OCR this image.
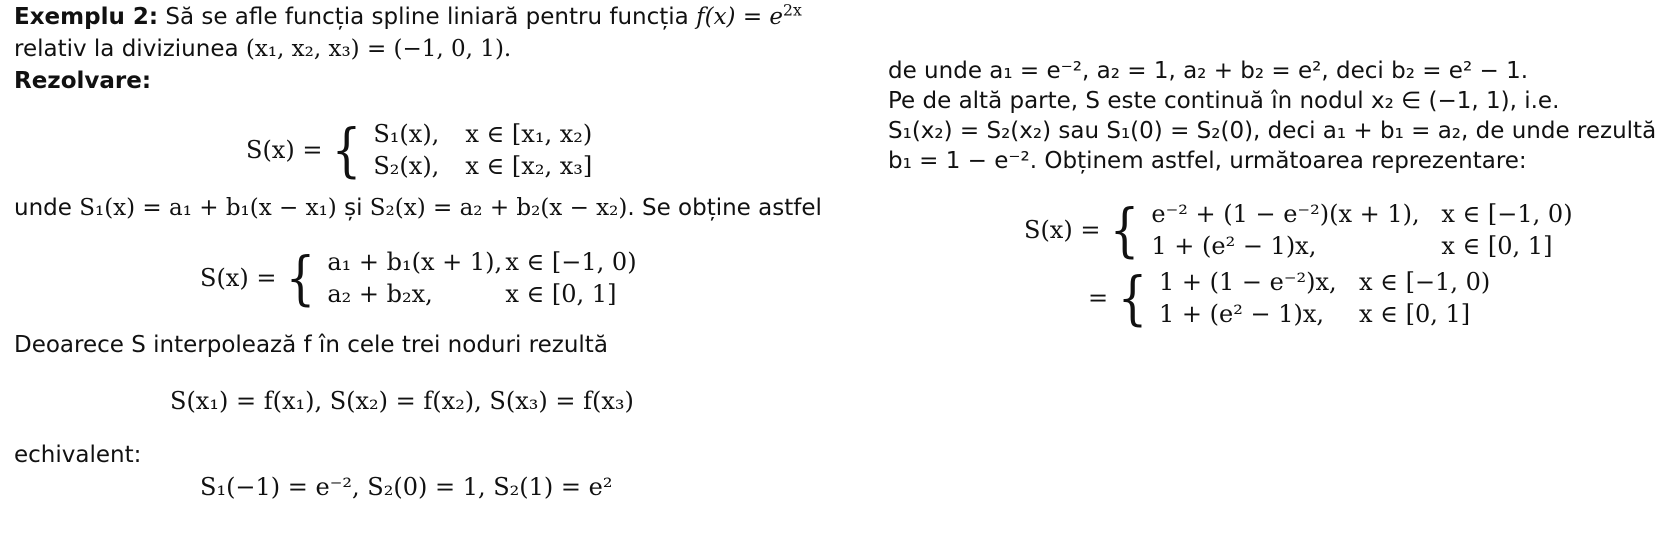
Exemplu 2: Să se afle funcția spline liniară pentru funcția $f(x) = e^{2x}$

relativ la diviziunea (x₁, x₂, x₃) = (−1, 0, 1).

Rezolvare:

S(x) = { S₁(x),	x ∈ [x₁, x₂)
S₂(x),	x ∈ [x₂, x₃]

unde S₁(x) = a₁ + b₁(x − x₁) și S₂(x) = a₂ + b₂(x − x₂). Se obține astfel

S(x) = { a₁ + b₁(x + 1), x ∈ [−1, 0)
a₂ + b₂x,	x ∈ [0, 1]

Deoarece S interpolează f în cele trei noduri rezultă

S(x₁) = f(x₁), S(x₂) = f(x₂), S(x₃) = f(x₃)

echivalent:

S₁(−1) = e⁻², S₂(0) = 1, S₂(1) = e²

de unde a₁ = e⁻², a₂ = 1, a₂ + b₂ = e², deci b₂ = e² − 1.

Pe de altă parte, S este continuă în nodul x₂ ∈ (−1, 1), i.e.

S₁(x₂) = S₂(x₂) sau S₁(0) = S₂(0), deci a₁ + b₁ = a₂, de unde rezultă

b₁ = 1 − e⁻². Obținem astfel, următoarea reprezentare:

S(x) = { e⁻² + (1 − e⁻²)(x + 1), x ∈ [−1, 0)
1 + (e² − 1)x,	x ∈ [0, 1]
= { 1 + (1 − e⁻²)x, x ∈ [−1, 0)
1 + (e² − 1)x,	x ∈ [0, 1]
